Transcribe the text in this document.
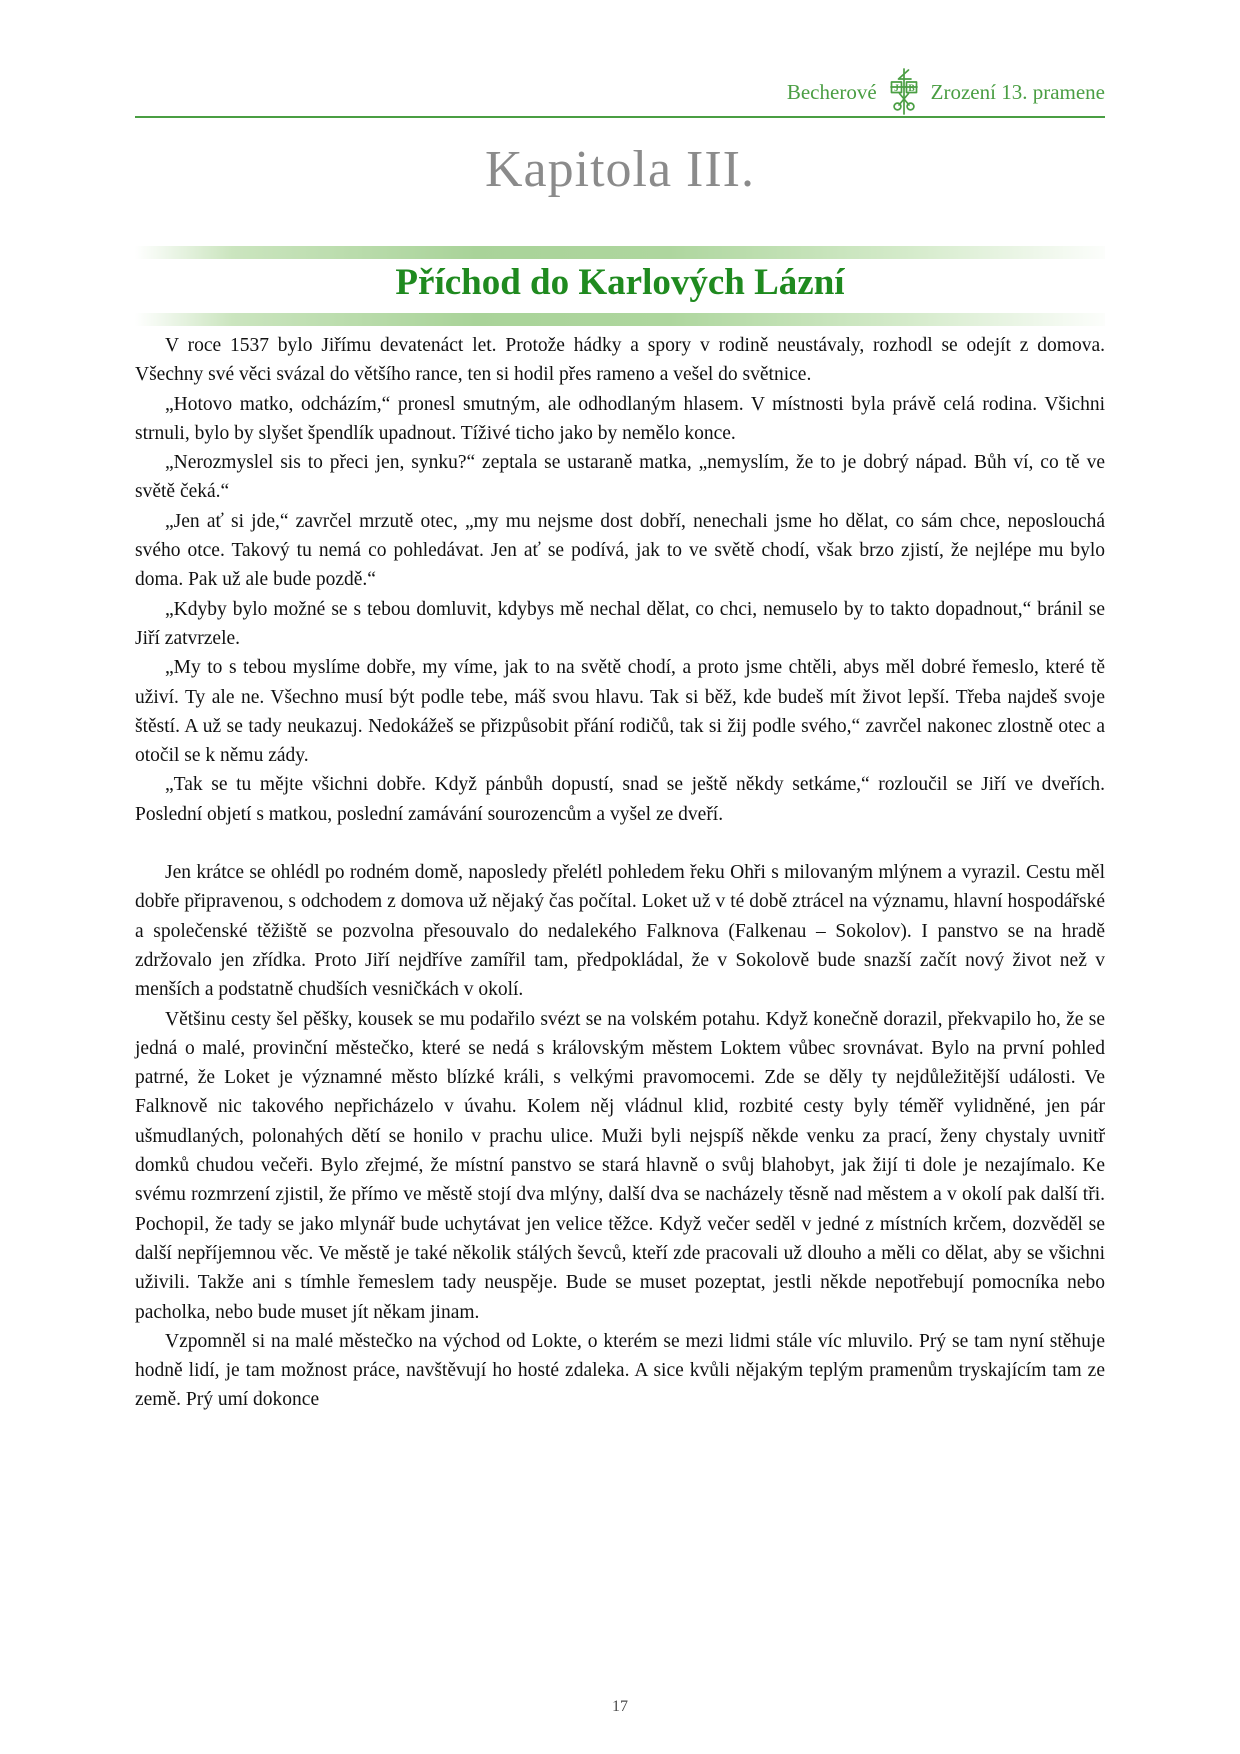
Becherové J B Zrození 13. pramene
Kapitola III.
Příchod do Karlových Lázní

V roce 1537 bylo Jiřímu devatenáct let. Protože hádky a spory v rodině neustávaly, rozhodl se odejít z domova. Všechny své věci svázal do většího rance, ten si hodil přes rameno a vešel do světnice.

„Hotovo matko, odcházím,“ pronesl smutným, ale odhodlaným hlasem. V místnosti byla právě celá rodina. Všichni strnuli, bylo by slyšet špendlík upadnout. Tíživé ticho jako by nemělo konce.

„Nerozmyslel sis to přeci jen, synku?“ zeptala se ustaraně matka, „nemyslím, že to je dobrý nápad. Bůh ví, co tě ve světě čeká.“

„Jen ať si jde,“ zavrčel mrzutě otec, „my mu nejsme dost dobří, nenechali jsme ho dělat, co sám chce, neposlouchá svého otce. Takový tu nemá co pohledávat. Jen ať se podívá, jak to ve světě chodí, však brzo zjistí, že nejlépe mu bylo doma. Pak už ale bude pozdě.“

„Kdyby bylo možné se s tebou domluvit, kdybys mě nechal dělat, co chci, nemuselo by to takto dopadnout,“ bránil se Jiří zatvrzele.

„My to s tebou myslíme dobře, my víme, jak to na světě chodí, a proto jsme chtěli, abys měl dobré řemeslo, které tě uživí. Ty ale ne. Všechno musí být podle tebe, máš svou hlavu. Tak si běž, kde budeš mít život lepší. Třeba najdeš svoje štěstí. A už se tady neukazuj. Nedokážeš se přizpůsobit přání rodičů, tak si žij podle svého,“ zavrčel nakonec zlostně otec a otočil se k němu zády.

„Tak se tu mějte všichni dobře. Když pánbůh dopustí, snad se ještě někdy setkáme,“ rozloučil se Jiří ve dveřích. Poslední objetí s matkou, poslední zamávání sourozencům a vyšel ze dveří.

Jen krátce se ohlédl po rodném domě, naposledy přelétl pohledem řeku Ohři s milovaným mlýnem a vyrazil. Cestu měl dobře připravenou, s odchodem z domova už nějaký čas počítal. Loket už v té době ztrácel na významu, hlavní hospodářské a společenské těžiště se pozvolna přesouvalo do nedalekého Falknova (Falkenau – Sokolov). I panstvo se na hradě zdržovalo jen zřídka. Proto Jiří nejdříve zamířil tam, předpokládal, že v Sokolově bude snazší začít nový život než v menších a podstatně chudších vesničkách v okolí.

Většinu cesty šel pěšky, kousek se mu podařilo svézt se na volském potahu. Když konečně dorazil, překvapilo ho, že se jedná o malé, provinční městečko, které se nedá s královským městem Loktem vůbec srovnávat. Bylo na první pohled patrné, že Loket je významné město blízké králi, s velkými pravomocemi. Zde se děly ty nejdůležitější události. Ve Falknově nic takového nepřicházelo v úvahu. Kolem něj vládnul klid, rozbité cesty byly téměř vylidněné, jen pár ušmudlaných, polonahých dětí se honilo v prachu ulice. Muži byli nejspíš někde venku za prací, ženy chystaly uvnitř domků chudou večeři. Bylo zřejmé, že místní panstvo se stará hlavně o svůj blahobyt, jak žijí ti dole je nezajímalo. Ke svému rozmrzení zjistil, že přímo ve městě stojí dva mlýny, další dva se nacházely těsně nad městem a v okolí pak další tři. Pochopil, že tady se jako mlynář bude uchytávat jen velice těžce. Když večer seděl v jedné z místních krčem, dozvěděl se další nepříjemnou věc. Ve městě je také několik stálých ševců, kteří zde pracovali už dlouho a měli co dělat, aby se všichni uživili. Takže ani s tímhle řemeslem tady neuspěje. Bude se muset pozeptat, jestli někde nepotřebují pomocníka nebo pacholka, nebo bude muset jít někam jinam.

Vzpomněl si na malé městečko na východ od Lokte, o kterém se mezi lidmi stále víc mluvilo. Prý se tam nyní stěhuje hodně lidí, je tam možnost práce, navštěvují ho hosté zdaleka. A sice kvůli nějakým teplým pramenům tryskajícím tam ze země. Prý umí dokonce

17
